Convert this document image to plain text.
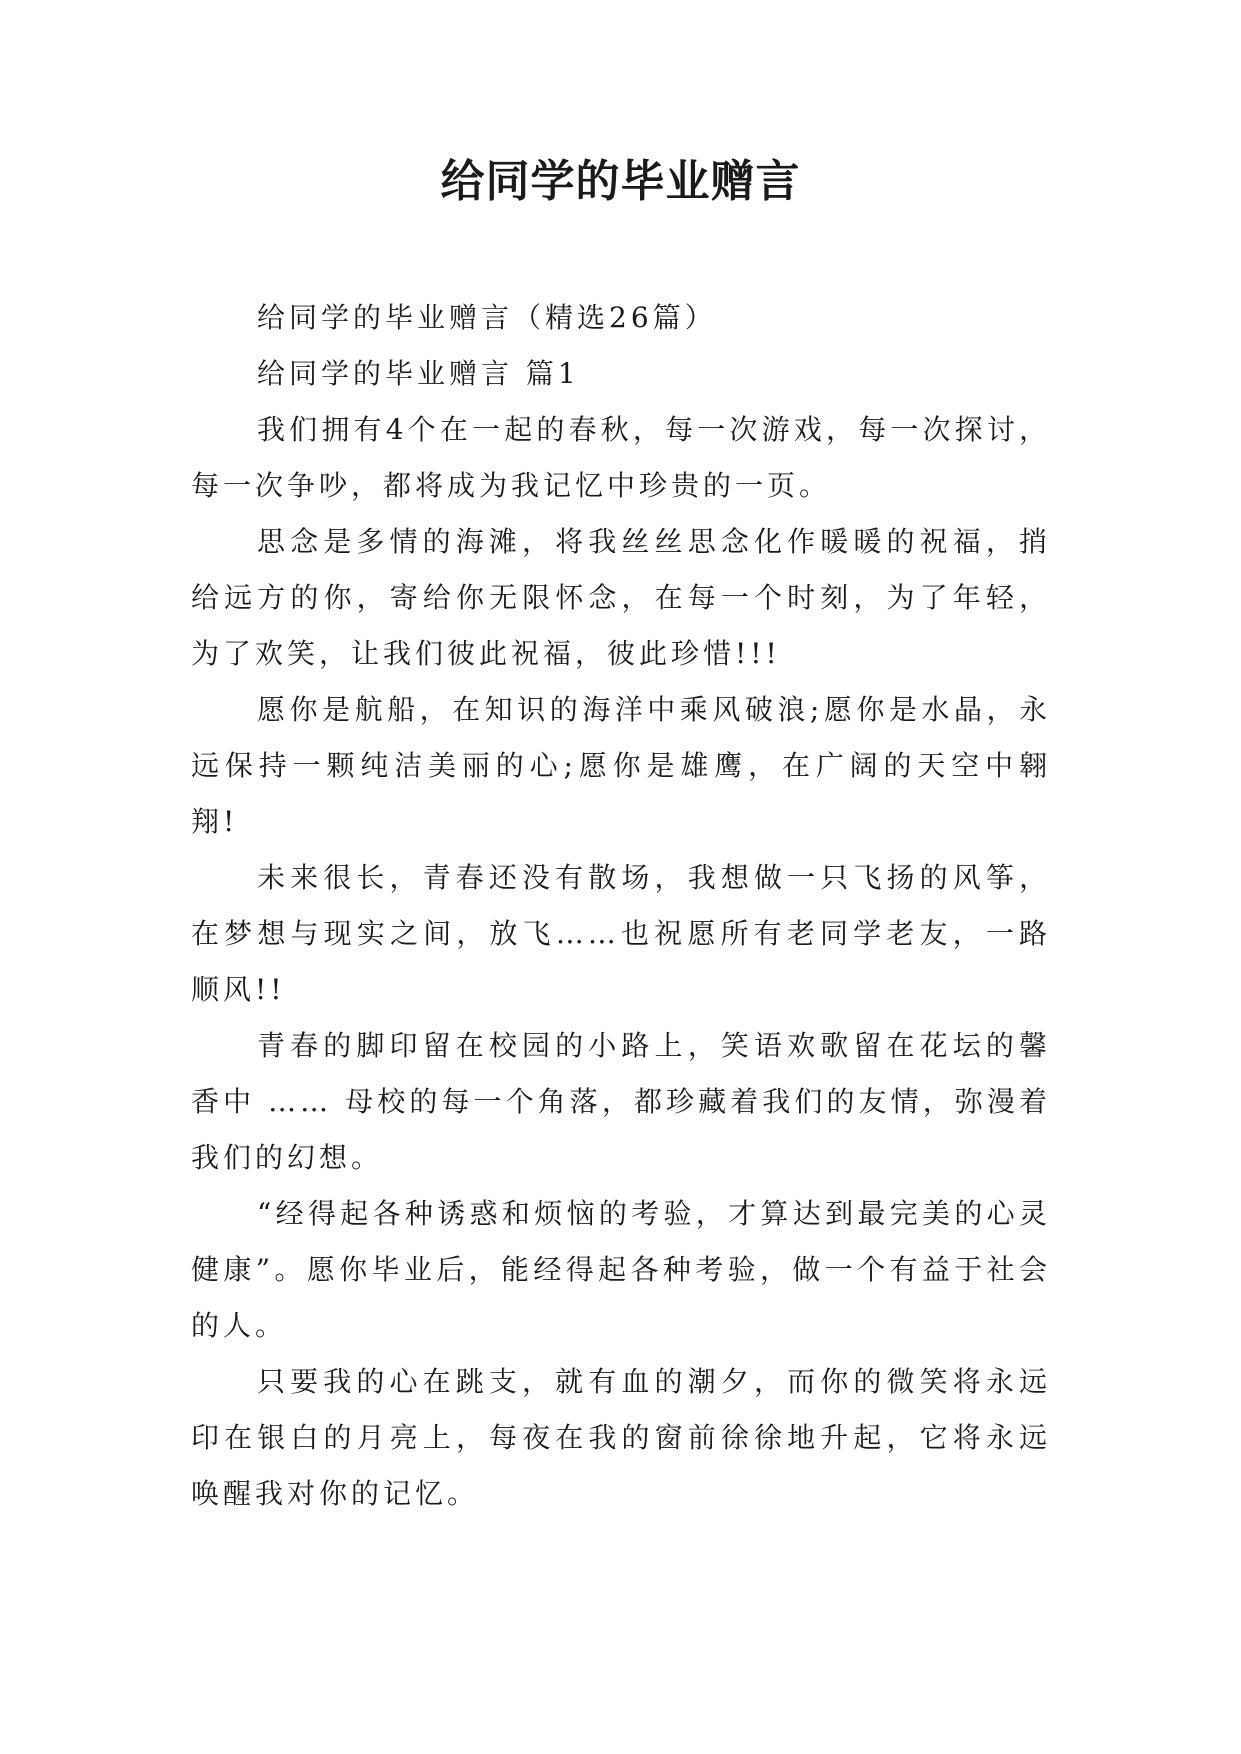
给同学的毕业赠言

给同学的毕业赠言（精选26篇）

给同学的毕业赠言 篇1

我们拥有4个在一起的春秋，每一次游戏，每一次探讨，每一次争吵，都将成为我记忆中珍贵的一页。

思念是多情的海滩，将我丝丝思念化作暖暖的祝福，捎给远方的你，寄给你无限怀念，在每一个时刻，为了年轻，为了欢笑，让我们彼此祝福，彼此珍惜!!!

愿你是航船，在知识的海洋中乘风破浪;愿你是水晶，永远保持一颗纯洁美丽的心;愿你是雄鹰，在广阔的天空中翱翔!

未来很长，青春还没有散场，我想做一只飞扬的风筝，在梦想与现实之间，放飞……也祝愿所有老同学老友，一路顺风!!

青春的脚印留在校园的小路上，笑语欢歌留在花坛的馨香中 …… 母校的每一个角落，都珍藏着我们的友情，弥漫着我们的幻想。

“经得起各种诱惑和烦恼的考验，才算达到最完美的心灵健康”。愿你毕业后，能经得起各种考验，做一个有益于社会的人。

只要我的心在跳支，就有血的潮夕，而你的微笑将永远印在银白的月亮上，每夜在我的窗前徐徐地升起，它将永远唤醒我对你的记忆。
